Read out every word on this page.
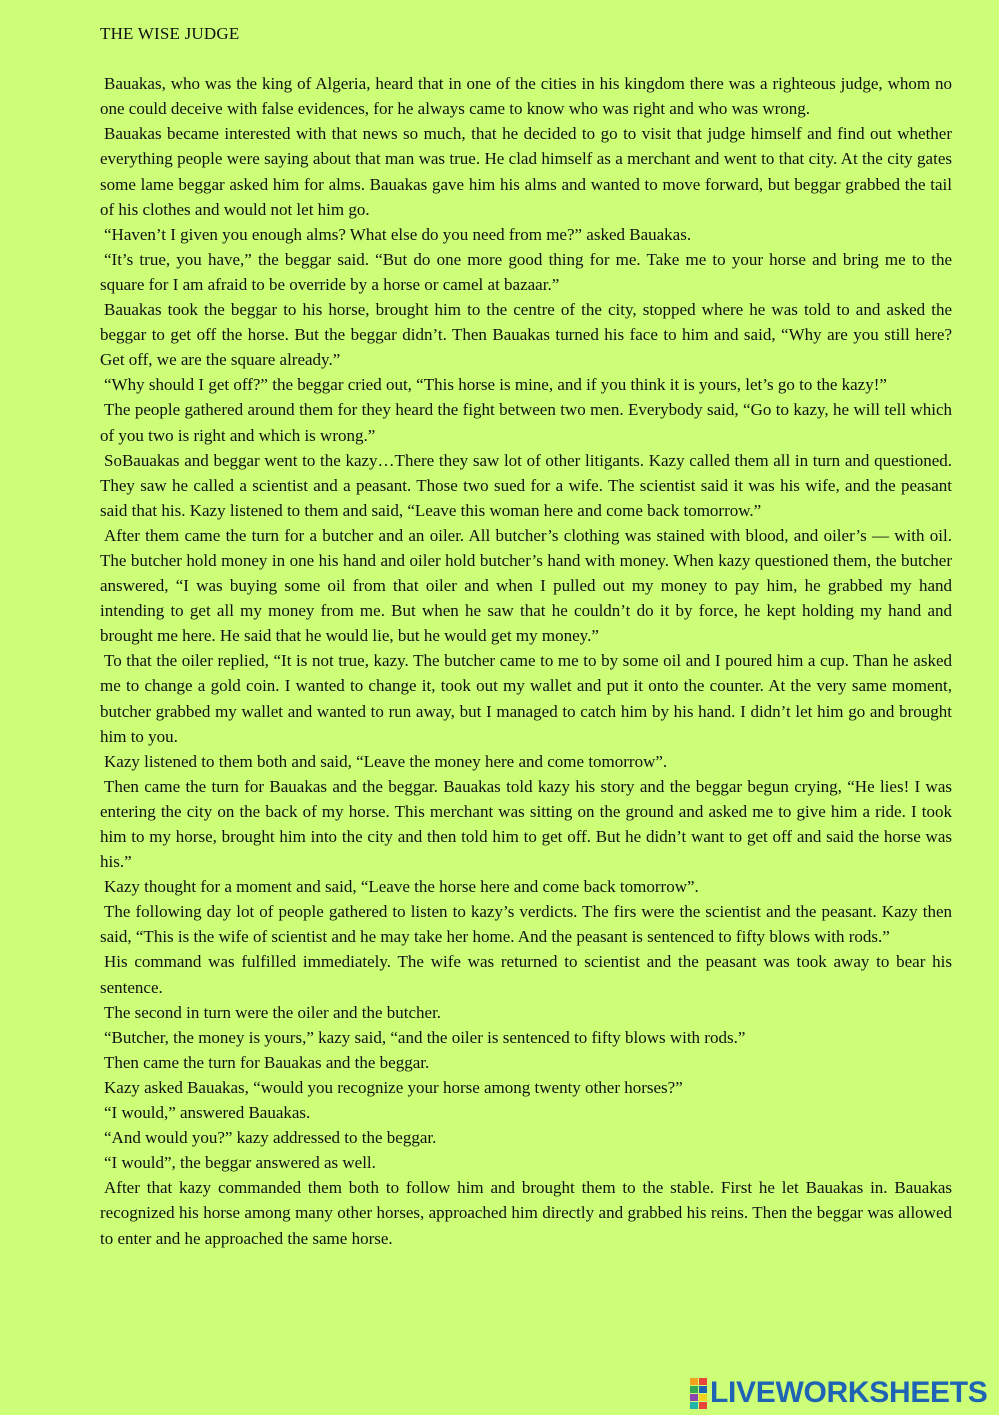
THE WISE JUDGE

Bauakas, who was the king of Algeria, heard that in one of the cities in his kingdom there was a righteous judge, whom no one could deceive with false evidences, for he always came to know who was right and who was wrong.

Bauakas became interested with that news so much, that he decided to go to visit that judge himself and find out whether everything people were saying about that man was true. He clad himself as a merchant and went to that city. At the city gates some lame beggar asked him for alms. Bauakas gave him his alms and wanted to move forward, but beggar grabbed the tail of his clothes and would not let him go.

“Haven’t I given you enough alms? What else do you need from me?” asked Bauakas.

“It’s true, you have,” the beggar said. “But do one more good thing for me. Take me to your horse and bring me to the square for I am afraid to be override by a horse or camel at bazaar.”

Bauakas took the beggar to his horse, brought him to the centre of the city, stopped where he was told to and asked the beggar to get off the horse. But the beggar didn’t. Then Bauakas turned his face to him and said, “Why are you still here? Get off, we are the square already.”

“Why should I get off?” the beggar cried out, “This horse is mine, and if you think it is yours, let’s go to the kazy!”

The people gathered around them for they heard the fight between two men. Everybody said, “Go to kazy, he will tell which of you two is right and which is wrong.”

SoBauakas and beggar went to the kazy…There they saw lot of other litigants. Kazy called them all in turn and questioned. They saw he called a scientist and a peasant. Those two sued for a wife. The scientist said it was his wife, and the peasant said that his. Kazy listened to them and said, “Leave this woman here and come back tomorrow.”

After them came the turn for a butcher and an oiler. All butcher’s clothing was stained with blood, and oiler’s — with oil. The butcher hold money in one his hand and oiler hold butcher’s hand with money. When kazy questioned them, the butcher answered, “I was buying some oil from that oiler and when I pulled out my money to pay him, he grabbed my hand intending to get all my money from me. But when he saw that he couldn’t do it by force, he kept holding my hand and brought me here. He said that he would lie, but he would get my money.”

To that the oiler replied, “It is not true, kazy. The butcher came to me to by some oil and I poured him a cup. Than he asked me to change a gold coin. I wanted to change it, took out my wallet and put it onto the counter. At the very same moment, butcher grabbed my wallet and wanted to run away, but I managed to catch him by his hand. I didn’t let him go and brought him to you.

Kazy listened to them both and said, “Leave the money here and come tomorrow”.

Then came the turn for Bauakas and the beggar. Bauakas told kazy his story and the beggar begun crying, “He lies! I was entering the city on the back of my horse. This merchant was sitting on the ground and asked me to give him a ride. I took him to my horse, brought him into the city and then told him to get off. But he didn’t want to get off and said the horse was his.”

Kazy thought for a moment and said, “Leave the horse here and come back tomorrow”.

The following day lot of people gathered to listen to kazy’s verdicts. The firs were the scientist and the peasant. Kazy then said, “This is the wife of scientist and he may take her home. And the peasant is sentenced to fifty blows with rods.”

His command was fulfilled immediately. The wife was returned to scientist and the peasant was took away to bear his sentence.

The second in turn were the oiler and the butcher.

“Butcher, the money is yours,” kazy said, “and the oiler is sentenced to fifty blows with rods.”

Then came the turn for Bauakas and the beggar.

Kazy asked Bauakas, “would you recognize your horse among twenty other horses?”

“I would,” answered Bauakas.

“And would you?” kazy addressed to the beggar.

“I would”, the beggar answered as well.

After that kazy commanded them both to follow him and brought them to the stable. First he let Bauakas in. Bauakas recognized his horse among many other horses, approached him directly and grabbed his reins. Then the beggar was allowed to enter and he approached the same horse.

LIVEWORKSHEETS
